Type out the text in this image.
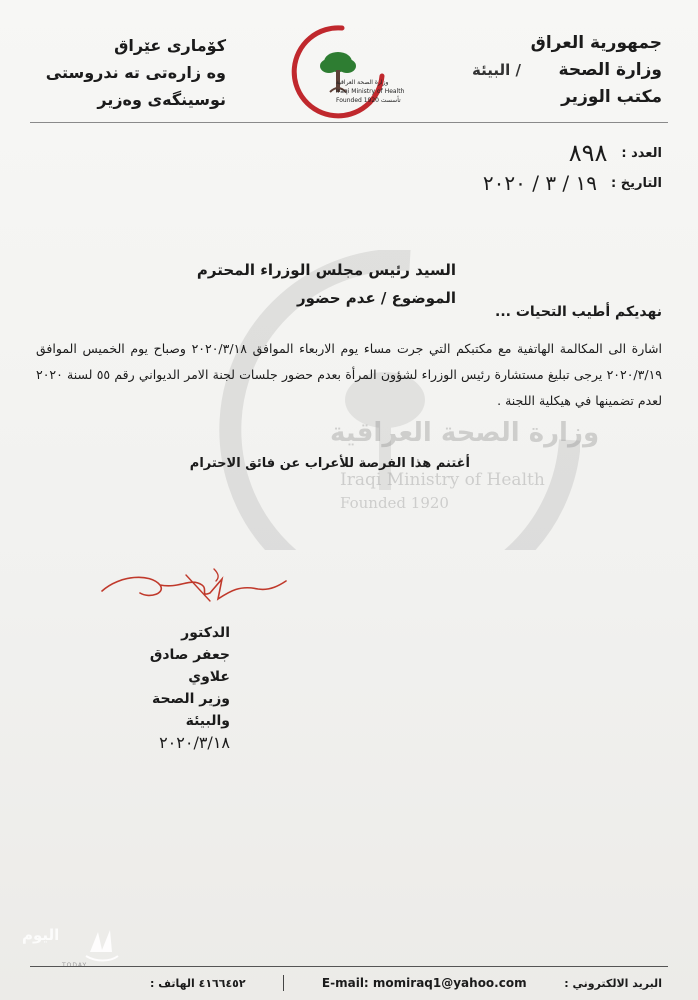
جمهورية العراق
وزارة الصحة
/ البيئة
مكتب الوزير
كۆماری عێراق
وه زارەتی تە ندروستی
نوسینگەی وەزیر
وزارة الصحة العراقية
Iraqi Ministry of Health
Founded 1920 تأسست
العدد :
٨٩٨
التاريخ :
١٩ / ٣ / ٢٠٢٠
وزارة الصحة العراقية
Iraqi Ministry of Health
Founded 1920
السيد رئيس مجلس الوزراء المحترم
الموضوع / عدم حضور
نهديكم أطيب التحيات ...
اشارة الى المكالمة الهاتفية مع مكتبكم التي جرت مساء يوم الاربعاء الموافق ٢٠٢٠/٣/١٨ وصباح يوم الخميس الموافق ٢٠٢٠/٣/١٩ يرجى تبليغ مستشارة رئيس الوزراء لشؤون المرأة بعدم حضور جلسات لجنة الامر الديواني رقم ٥٥ لسنة ٢٠٢٠ لعدم تضمينها في هيكلية اللجنة .
أغتنم هذا الفرصة للأعراب عن فائق الاحترام
الدكتور
جعفر صادق علاوي
وزير الصحة والبيئة
٢٠٢٠/٣/١٨
اليوم
٤١٦٦٤٥٢ الهاتف :	E-mail: momiraq1@yahoo.com	البريد الالكتروني :
